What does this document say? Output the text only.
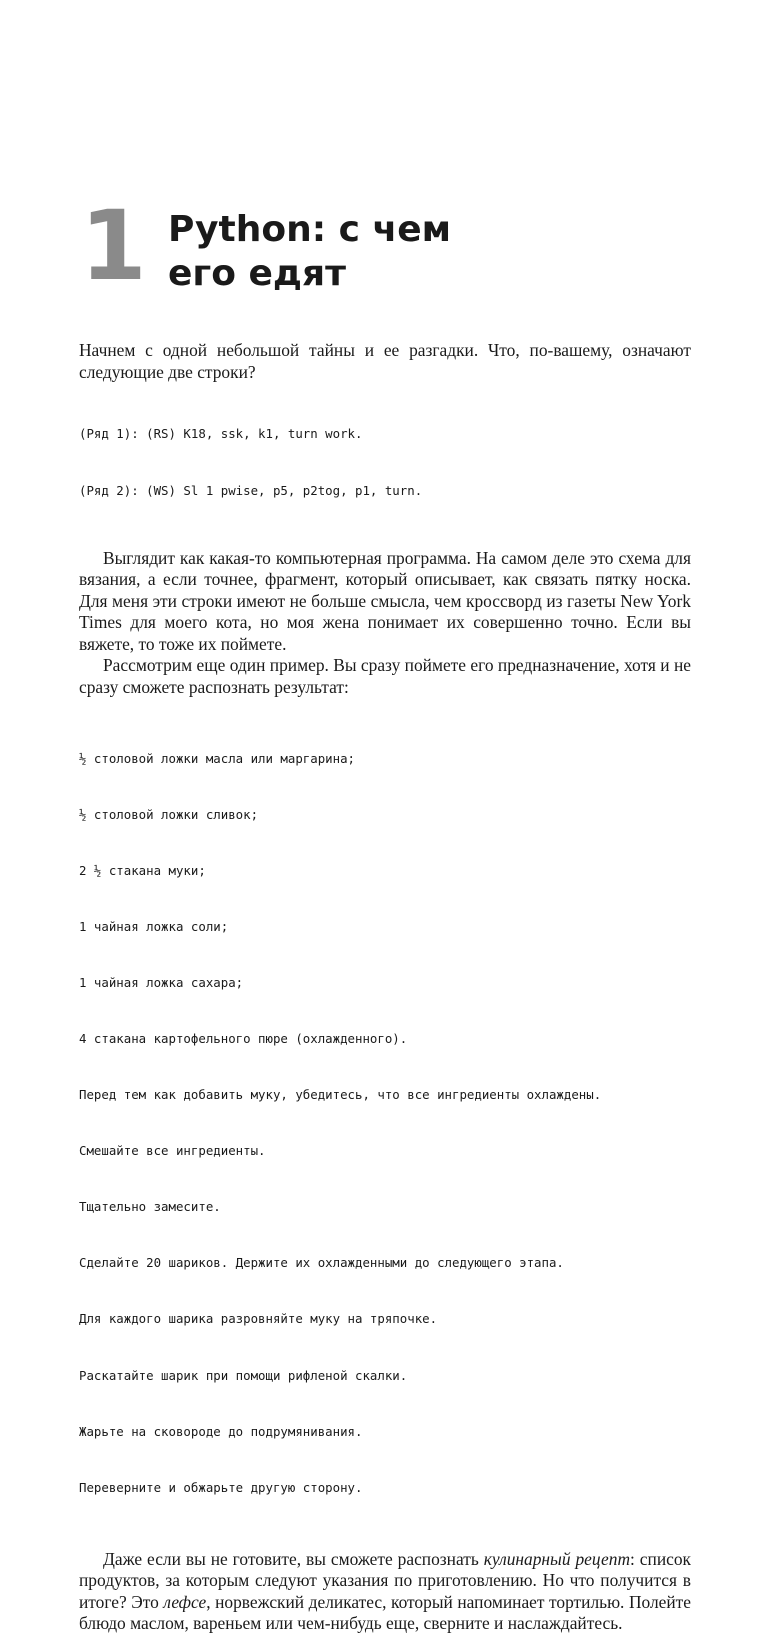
1 Python: с чем
его едят

Начнем с одной небольшой тайны и ее разгадки. Что, по-вашему, означают следующие две строки?

(Ряд 1): (RS) K18, ssk, k1, turn work.

(Ряд 2): (WS) Sl 1 pwise, p5, p2tog, p1, turn.

Выглядит как какая-то компьютерная программа. На самом деле это схема для вязания, а если точнее, фрагмент, который описывает, как связать пятку носка. Для меня эти строки имеют не больше смысла, чем кроссворд из газеты New York Times для моего кота, но моя жена понимает их совершенно точно. Если вы вяжете, то тоже их поймете.

Рассмотрим еще один пример. Вы сразу поймете его предназначение, хотя и не сразу сможете распознать результат:

½ столовой ложки масла или маргарина;

½ столовой ложки сливок;

2 ½ стакана муки;

1 чайная ложка соли;

1 чайная ложка сахара;

4 стакана картофельного пюре (охлажденного).

Перед тем как добавить муку, убедитесь, что все ингредиенты охлаждены.

Смешайте все ингредиенты.

Тщательно замесите.

Сделайте 20 шариков. Держите их охлажденными до следующего этапа.

Для каждого шарика разровняйте муку на тряпочке.

Раскатайте шарик при помощи рифленой скалки.

Жарьте на сковороде до подрумянивания.

Переверните и обжарьте другую сторону.

Даже если вы не готовите, вы сможете распознать кулинарный рецепт: список продуктов, за которым следуют указания по приготовлению. Но что получится в итоге? Это лефсе, норвежский деликатес, который напоминает тортилью. Полейте блюдо маслом, вареньем или чем-нибудь еще, сверните и наслаждайтесь.
